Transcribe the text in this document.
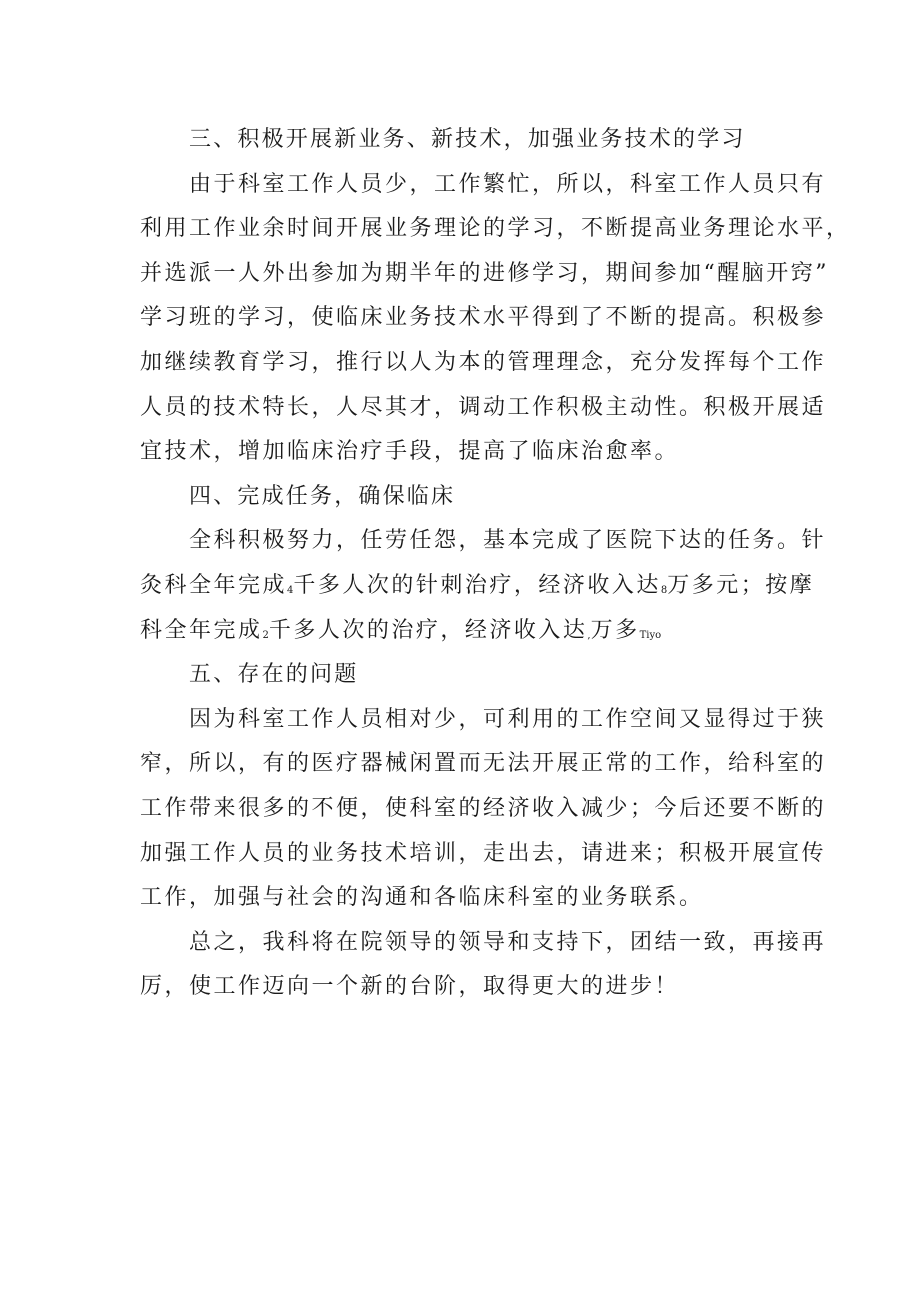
三、积极开展新业务、新技术，加强业务技术的学习
由于科室工作人员少，工作繁忙，所以，科室工作人员只有
利用工作业余时间开展业务理论的学习，不断提高业务理论水平，
并选派一人外出参加为期半年的进修学习，期间参加“醒脑开窍”
学习班的学习，使临床业务技术水平得到了不断的提高。积极参
加继续教育学习，推行以人为本的管理理念，充分发挥每个工作
人员的技术特长，人尽其才，调动工作积极主动性。积极开展适
宜技术，增加临床治疗手段，提高了临床治愈率。
四、完成任务，确保临床
全科积极努力，任劳任怨，基本完成了医院下达的任务。针
灸科全年完成4千多人次的针刺治疗，经济收入达8万多元；按摩
科全年完成2千多人次的治疗，经济收入达,万多Tiyo
五、存在的问题
因为科室工作人员相对少，可利用的工作空间又显得过于狭
窄，所以，有的医疗器械闲置而无法开展正常的工作，给科室的
工作带来很多的不便，使科室的经济收入减少；今后还要不断的
加强工作人员的业务技术培训，走出去，请进来；积极开展宣传
工作，加强与社会的沟通和各临床科室的业务联系。
总之，我科将在院领导的领导和支持下，团结一致，再接再
厉，使工作迈向一个新的台阶，取得更大的进步！
